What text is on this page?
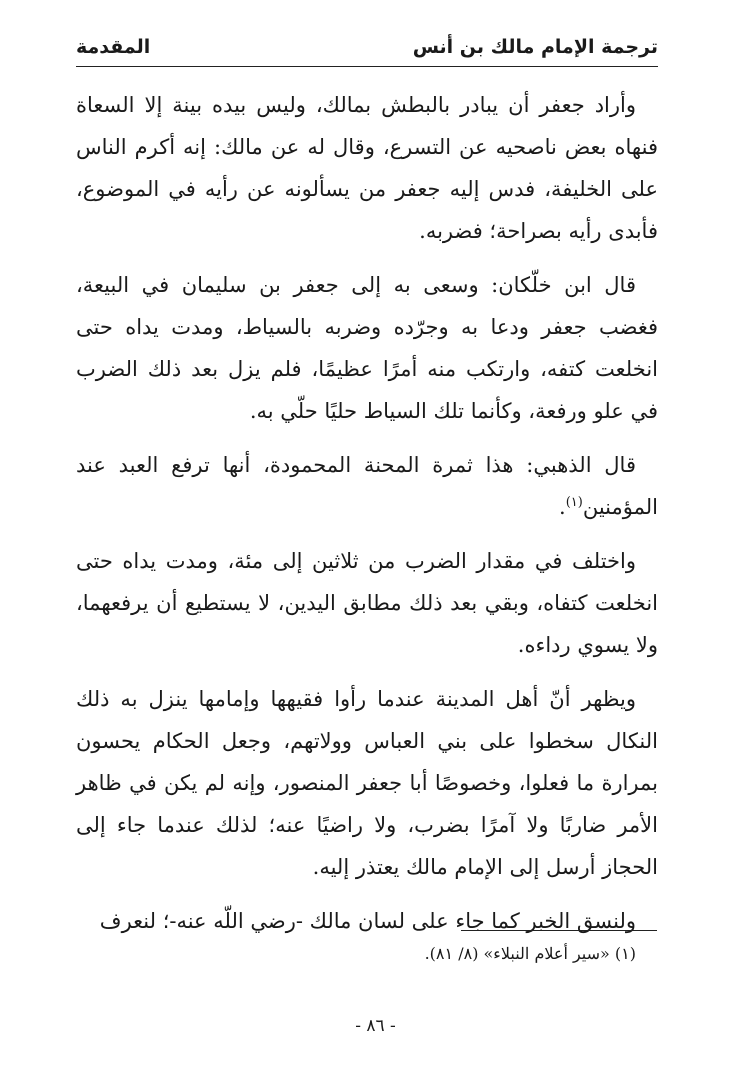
ترجمة الإمام مالك بن أنس
المقدمة

وأراد جعفر أن يبادر بالبطش بمالك، وليس بيده بينة إلا السعاة فنهاه بعض ناصحيه عن التسرع، وقال له عن مالك: إنه أكرم الناس على الخليفة، فدس إليه جعفر من يسألونه عن رأيه في الموضوع، فأبدى رأيه بصراحة؛ فضربه.

قال ابن خلّكان: وسعى به إلى جعفر بن سليمان في البيعة، فغضب جعفر ودعا به وجرّده وضربه بالسياط، ومدت يداه حتى انخلعت كتفه، وارتكب منه أمرًا عظيمًا، فلم يزل بعد ذلك الضرب في علو ورفعة، وكأنما تلك السياط حليًا حلّي به.

قال الذهبي: هذا ثمرة المحنة المحمودة، أنها ترفع العبد عند المؤمنين$^{(١)}$.

واختلف في مقدار الضرب من ثلاثين إلى مئة، ومدت يداه حتى انخلعت كتفاه، وبقي بعد ذلك مطابق اليدين، لا يستطيع أن يرفعهما، ولا يسوي رداءه.

ويظهر أنّ أهل المدينة عندما رأوا فقيهها وإمامها ينزل به ذلك النكال سخطوا على بني العباس وولاتهم، وجعل الحكام يحسون بمرارة ما فعلوا، وخصوصًا أبا جعفر المنصور، وإنه لم يكن في ظاهر الأمر ضاربًا ولا آمرًا بضرب، ولا راضيًا عنه؛ لذلك عندما جاء إلى الحجاز أرسل إلى الإمام مالك يعتذر إليه.

ولنسق الخبر كما جاء على لسان مالك -رضي اللّه عنه-؛ لنعرف

(١) «سير أعلام النبلاء» (٨/ ٨١).
- ٨٦ -
